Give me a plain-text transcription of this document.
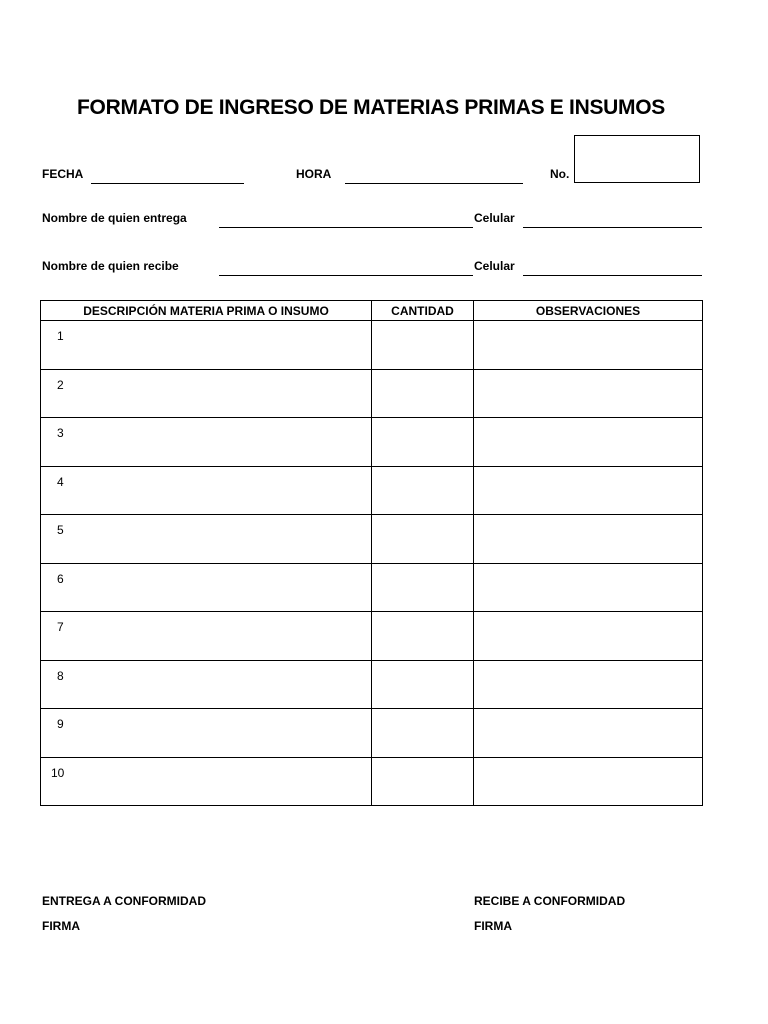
FORMATO DE INGRESO DE MATERIAS PRIMAS E INSUMOS
FECHA	HORA	No.
Nombre de quien entrega	Celular
Nombre de quien recibe	Celular
DESCRIPCIÓN MATERIA PRIMA O INSUMO	CANTIDAD	OBSERVACIONES
1		
2		
3		
4		
5		
6		
7		
8		
9		
10		
ENTREGA A CONFORMIDAD
FIRMA
RECIBE A CONFORMIDAD
FIRMA
